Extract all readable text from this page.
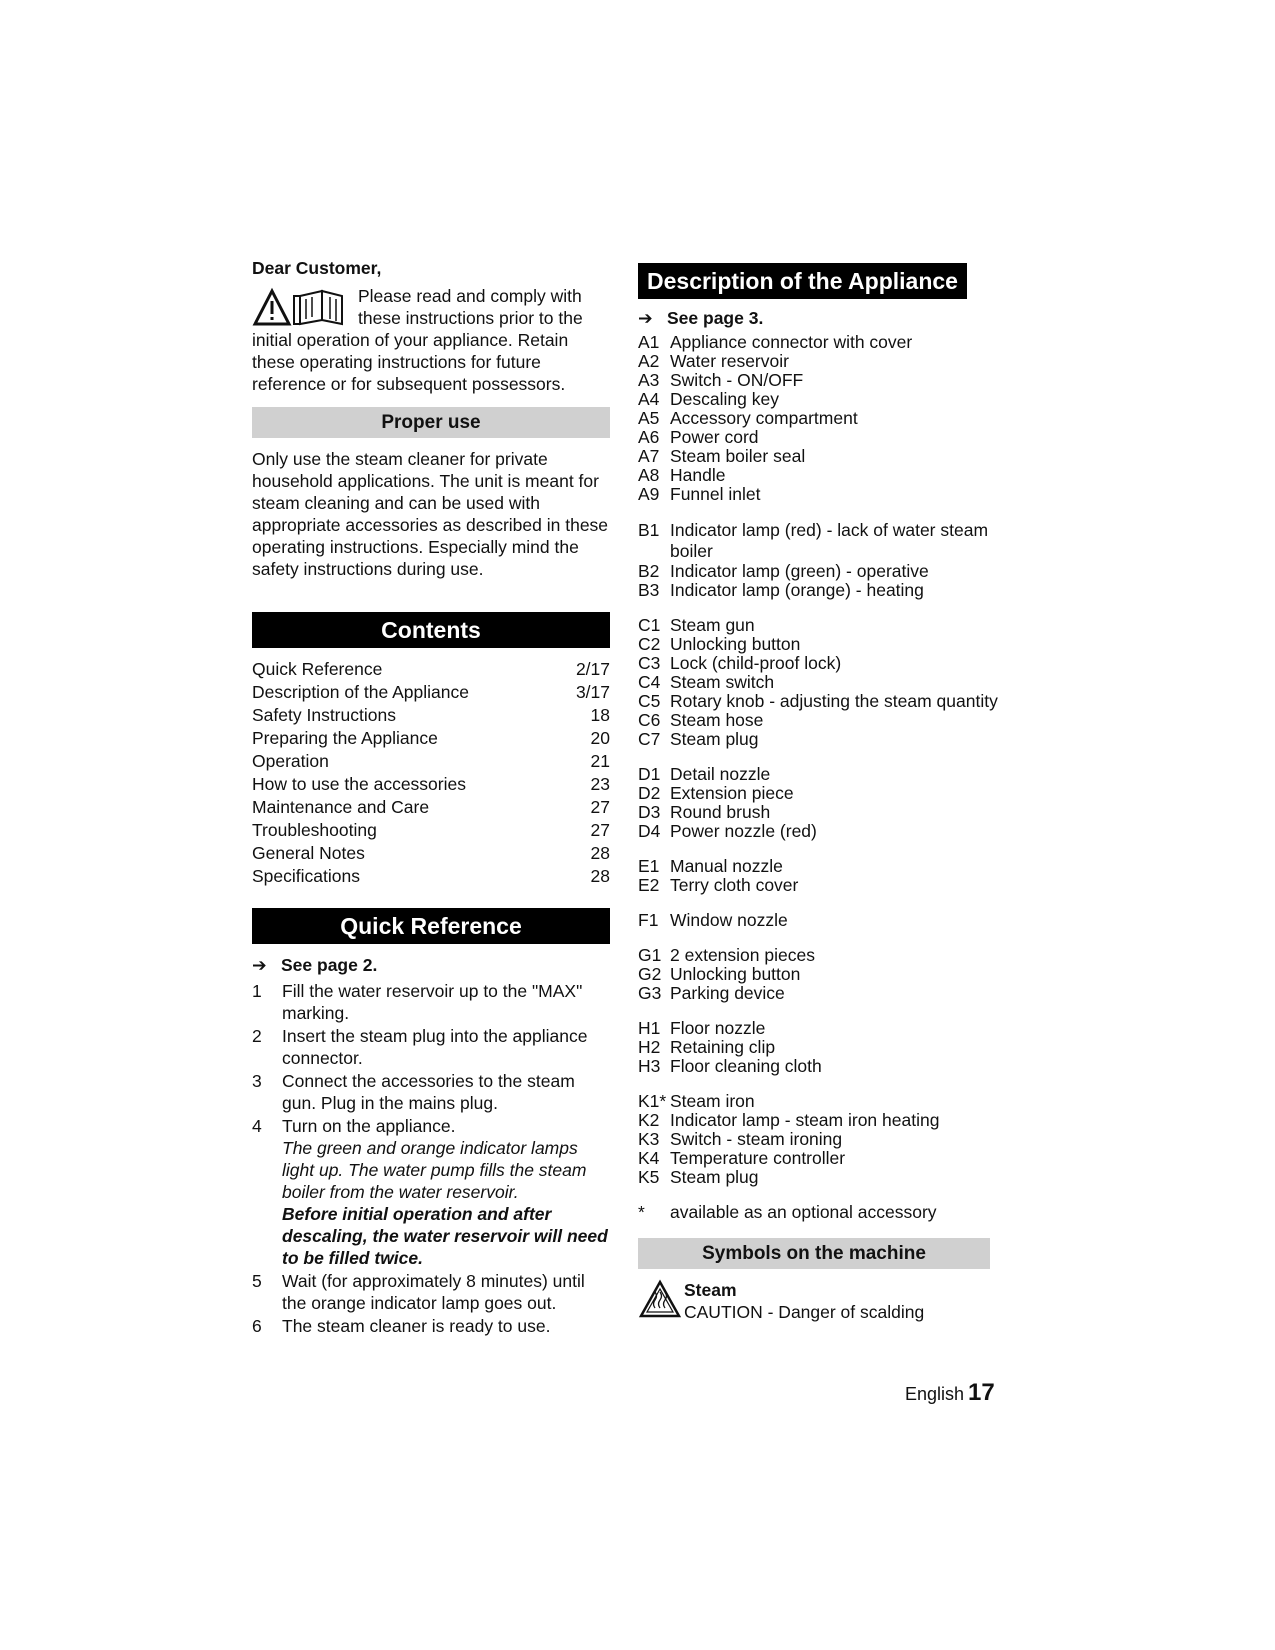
Dear Customer,

Please read and comply with these instructions prior to the initial operation of your appliance. Retain these operating instructions for future reference or for subsequent possessors.

Proper use

Only use the steam cleaner for private household applications. The unit is meant for steam cleaning and can be used with appropriate accessories as described in these operating instructions. Especially mind the safety instructions during use.

Contents
Quick Reference	2/17
Description of the Appliance	3/17
Safety Instructions	18
Preparing the Appliance	20
Operation	21
How to use the accessories	23
Maintenance and Care	27
Troubleshooting	27
General Notes	28
Specifications	28
Quick Reference
➔ See page 2.
1	Fill the water reservoir up to the "MAX" marking.
2	Insert the steam plug into the appliance connector.
3	Connect the accessories to the steam gun. Plug in the mains plug.
4	Turn on the appliance.
The green and orange indicator lamps light up. The water pump fills the steam boiler from the water reservoir.
Before initial operation and after descaling, the water reservoir will need to be filled twice.
5	Wait (for approximately 8 minutes) until the orange indicator lamp goes out.
6	The steam cleaner is ready to use.
Description of the Appliance
➔ See page 3.
A1 Appliance connector with cover
A2 Water reservoir
A3 Switch - ON/OFF
A4 Descaling key
A5 Accessory compartment
A6 Power cord
A7 Steam boiler seal
A8 Handle
A9 Funnel inlet
B1 Indicator lamp (red) - lack of water steam boiler
B2 Indicator lamp (green) - operative
B3 Indicator lamp (orange) - heating
C1 Steam gun
C2 Unlocking button
C3 Lock (child-proof lock)
C4 Steam switch
C5 Rotary knob - adjusting the steam quantity
C6 Steam hose
C7 Steam plug
D1 Detail nozzle
D2 Extension piece
D3 Round brush
D4 Power nozzle (red)
E1 Manual nozzle
E2 Terry cloth cover
F1 Window nozzle
G1 2 extension pieces
G2 Unlocking button
G3 Parking device
H1 Floor nozzle
H2 Retaining clip
H3 Floor cleaning cloth
K1* Steam iron
K2 Indicator lamp - steam iron heating
K3 Switch - steam ironing
K4 Temperature controller
K5 Steam plug
*	available as an optional accessory
Symbols on the machine
Steam
CAUTION - Danger of scalding
English 17
